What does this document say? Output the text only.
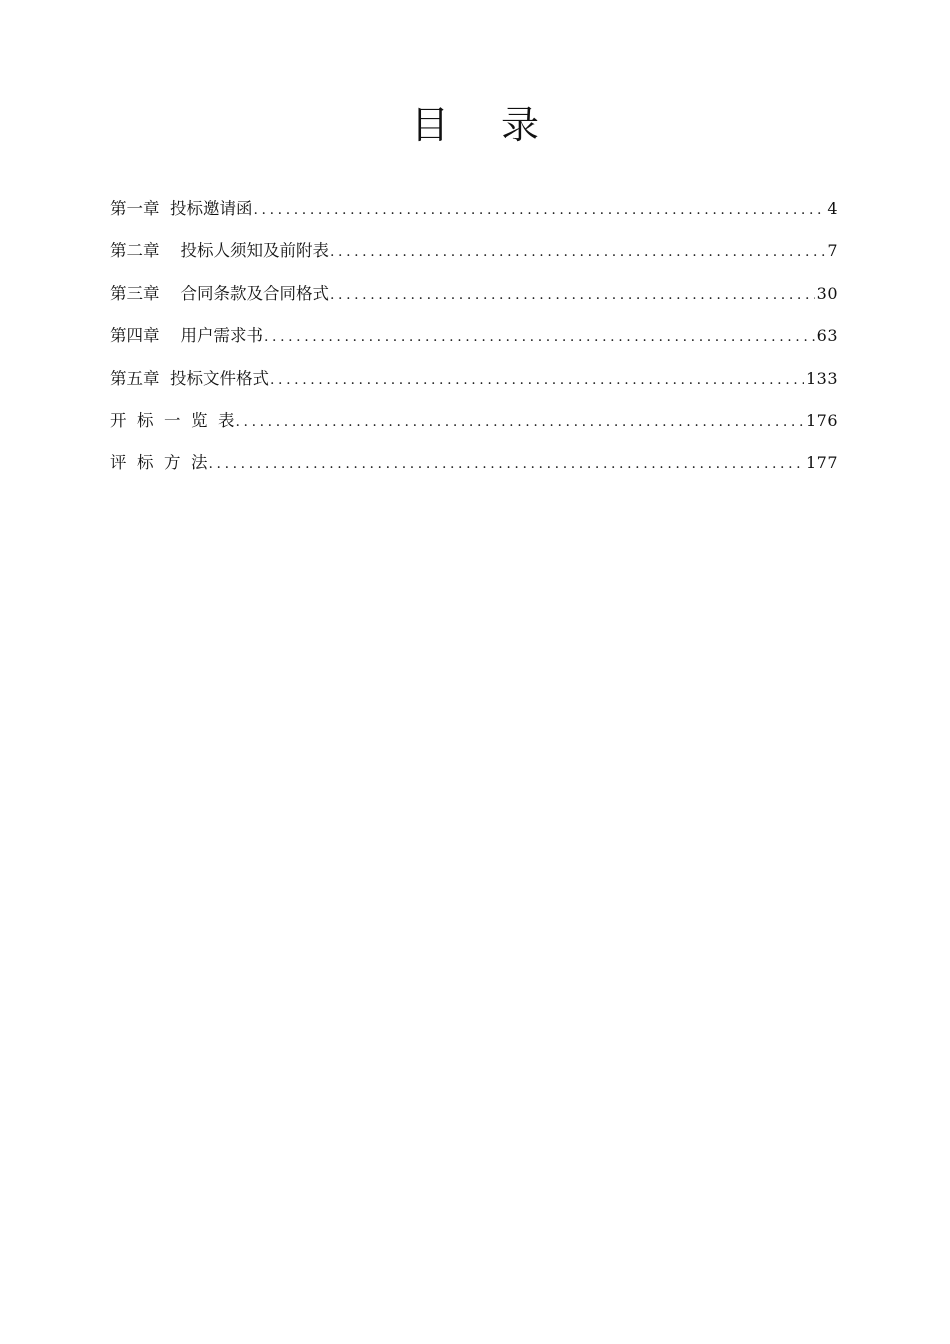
目录
第一章  投标邀请函 .....	4
第二章    投标人须知及前附表 .....	7
第三章    合同条款及合同格式 .....	30
第四章    用户需求书 .....	63
第五章  投标文件格式 .....	133
开  标  一  览  表 .....	176
评  标  方  法 .....	177
